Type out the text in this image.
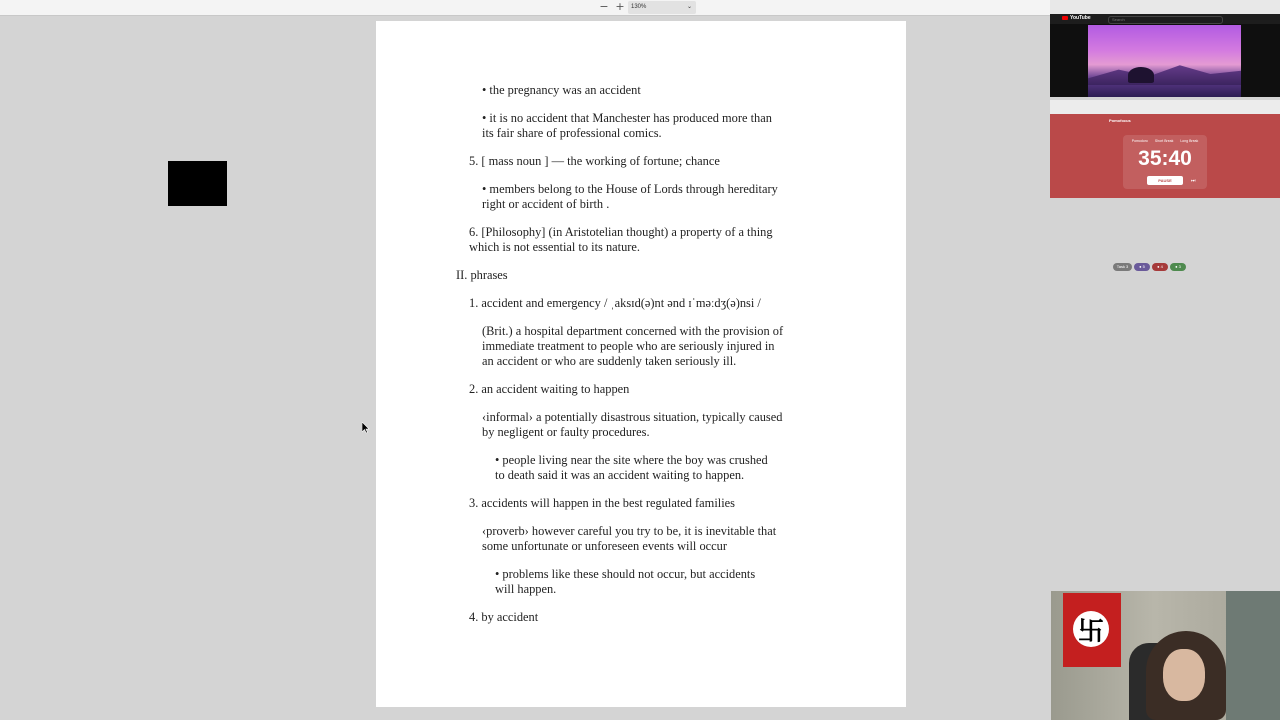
− +	130%	⌄
• the pregnancy was an accident
• it is no accident that Manchester has produced more than
its fair share of professional comics.
5. [ mass noun ] — the working of fortune; chance
• members belong to the House of Lords through hereditary
right or accident of birth .
6. [Philosophy] (in Aristotelian thought) a property of a thing
which is not essential to its nature.
II. phrases
1. accident and emergency / ˌaksɪd(ə)nt ənd ɪˈməːdʒ(ə)nsi /
(Brit.) a hospital department concerned with the provision of
immediate treatment to people who are seriously injured in
an accident or who are suddenly taken seriously ill.
2. an accident waiting to happen
‹informal› a potentially disastrous situation, typically caused
by negligent or faulty procedures.
• people living near the site where the boy was crushed
to death said it was an accident waiting to happen.
3. accidents will happen in the best regulated families
‹proverb› however careful you try to be, it is inevitable that
some unfortunate or unforeseen events will occur
• problems like these should not occur, but accidents
will happen.
4. by accident
YouTube	Search
Pomofocus
Pomodoro Short Break Long Break
35:40
PAUSE	⏭
Task 3	● 5	● 4	● 3
卐
